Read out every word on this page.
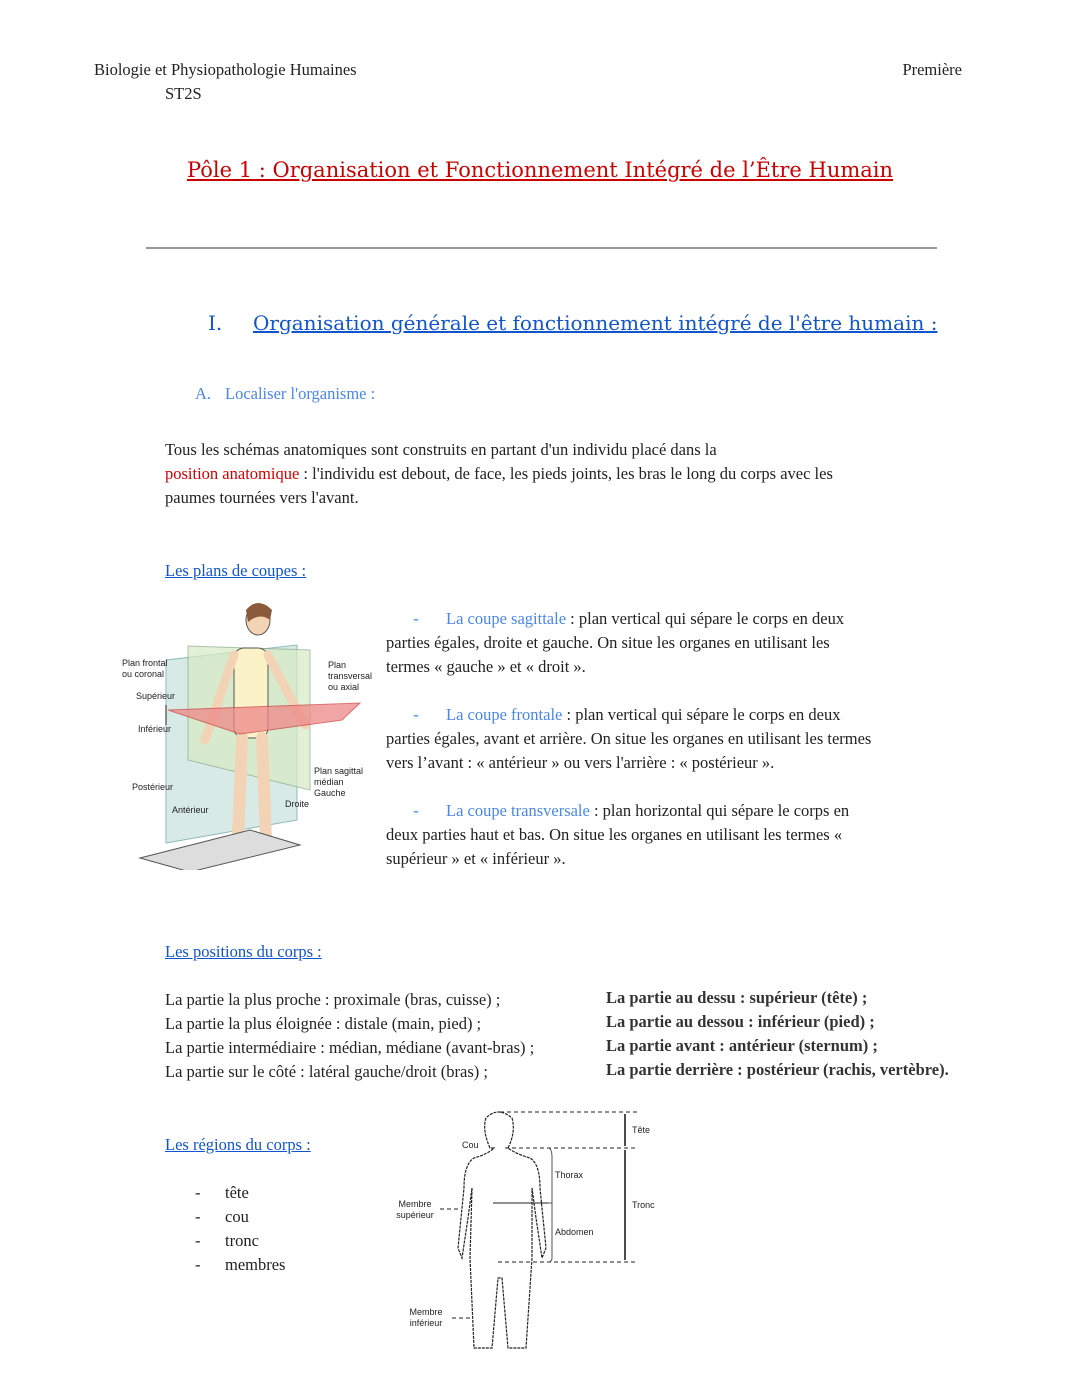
Biologie et Physiopathologie Humaines
ST2S
Première
Pôle 1 : Organisation et Fonctionnement Intégré de l’Être Humain
I. Organisation générale et fonctionnement intégré de l'être humain :
A. Localiser l'organisme :
Tous les schémas anatomiques sont construits en partant d'un individu placé dans la
position anatomique : l'individu est debout, de face, les pieds joints, les bras le long du corps avec les
paumes tournées vers l'avant.
Les plans de coupes :
Plan frontal ou coronal
Plan transversal ou axial
Supérieur
Inférieur
Postérieur
Antérieur
Plan sagittal médian
Gauche
Droite
- La coupe sagittale : plan vertical qui sépare le corps en deux
parties égales, droite et gauche. On situe les organes en utilisant les
termes « gauche » et « droit ».
- La coupe frontale : plan vertical qui sépare le corps en deux
parties égales, avant et arrière. On situe les organes en utilisant les termes
vers l’avant : « antérieur » ou vers l'arrière : « postérieur ».
- La coupe transversale : plan horizontal qui sépare le corps en
deux parties haut et bas. On situe les organes en utilisant les termes «
supérieur » et « inférieur ».
Les positions du corps :
La partie la plus proche : proximale (bras, cuisse) ;
La partie la plus éloignée : distale (main, pied) ;
La partie intermédiaire : médian, médiane (avant-bras) ;
La partie sur le côté : latéral gauche/droit (bras) ;
La partie au dessu : supérieur (tête) ;
La partie au dessou : inférieur (pied) ;
La partie avant : antérieur (sternum) ;
La partie derrière : postérieur (rachis, vertèbre).
Les régions du corps :
- tête
- cou
- tronc
- membres
Cou
Tête
Thorax
Tronc
Abdomen
Membre supérieur
Membre inférieur
